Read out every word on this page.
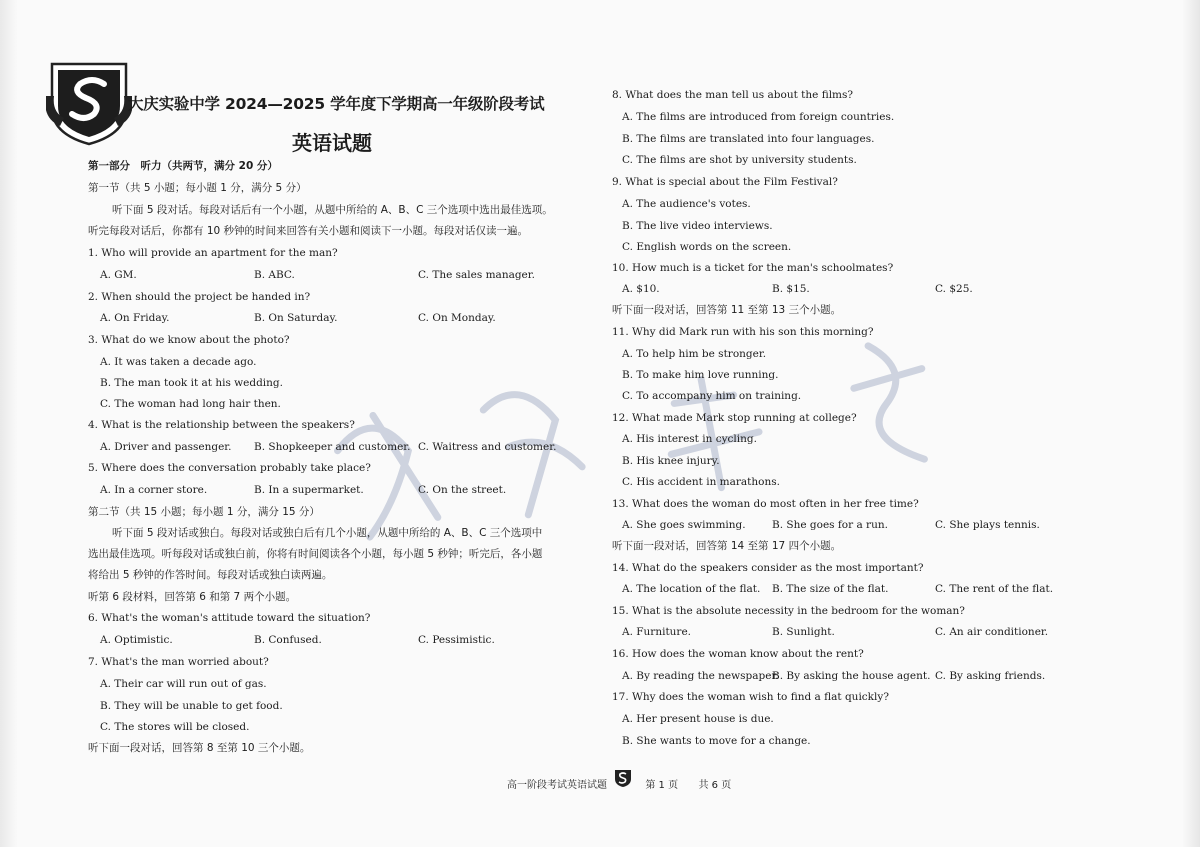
大庆实验中学 2024—2025 学年度下学期高一年级阶段考试
英语试题
第一部分　听力（共两节，满分 20 分）
第一节（共 5 小题；每小题 1 分，满分 5 分）
听下面 5 段对话。每段对话后有一个小题，从题中所给的 A、B、C 三个选项中选出最佳选项。
听完每段对话后，你都有 10 秒钟的时间来回答有关小题和阅读下一小题。每段对话仅读一遍。
1. Who will provide an apartment for the man?
A. GM.	B. ABC.	C. The sales manager.
2. When should the project be handed in?
A. On Friday.	B. On Saturday.	C. On Monday.
3. What do we know about the photo?
A. It was taken a decade ago.
B. The man took it at his wedding.
C. The woman had long hair then.
4. What is the relationship between the speakers?
A. Driver and passenger. B. Shopkeeper and customer. C. Waitress and customer.
5. Where does the conversation probably take place?
A. In a corner store.	B. In a supermarket.	C. On the street.
第二节（共 15 小题；每小题 1 分，满分 15 分）
听下面 5 段对话或独白。每段对话或独白后有几个小题，从题中所给的 A、B、C 三个选项中
选出最佳选项。听每段对话或独白前，你将有时间阅读各个小题，每小题 5 秒钟；听完后，各小题
将给出 5 秒钟的作答时间。每段对话或独白读两遍。
听第 6 段材料，回答第 6 和第 7 两个小题。
6. What's the woman's attitude toward the situation?
A. Optimistic.	B. Confused.	C. Pessimistic.
7. What's the man worried about?
A. Their car will run out of gas.
B. They will be unable to get food.
C. The stores will be closed.
听下面一段对话，回答第 8 至第 10 三个小题。
8. What does the man tell us about the films?
A. The films are introduced from foreign countries.
B. The films are translated into four languages.
C. The films are shot by university students.
9. What is special about the Film Festival?
A. The audience's votes.
B. The live video interviews.
C. English words on the screen.
10. How much is a ticket for the man's schoolmates?
A. $10.	B. $15.	C. $25.
听下面一段对话，回答第 11 至第 13 三个小题。
11. Why did Mark run with his son this morning?
A. To help him be stronger.
B. To make him love running.
C. To accompany him on training.
12. What made Mark stop running at college?
A. His interest in cycling.
B. His knee injury.
C. His accident in marathons.
13. What does the woman do most often in her free time?
A. She goes swimming.	B. She goes for a run.	C. She plays tennis.
听下面一段对话，回答第 14 至第 17 四个小题。
14. What do the speakers consider as the most important?
A. The location of the flat. B. The size of the flat.	C. The rent of the flat.
15. What is the absolute necessity in the bedroom for the woman?
A. Furniture.	B. Sunlight.	C. An air conditioner.
16. How does the woman know about the rent?
A. By reading the newspaper.
B. By asking the house agent. C. By asking friends.
17. Why does the woman wish to find a flat quickly?
A. Her present house is due.
B. She wants to move for a change.
高一阶段考试英语试题	第 1 页 共 6 页
